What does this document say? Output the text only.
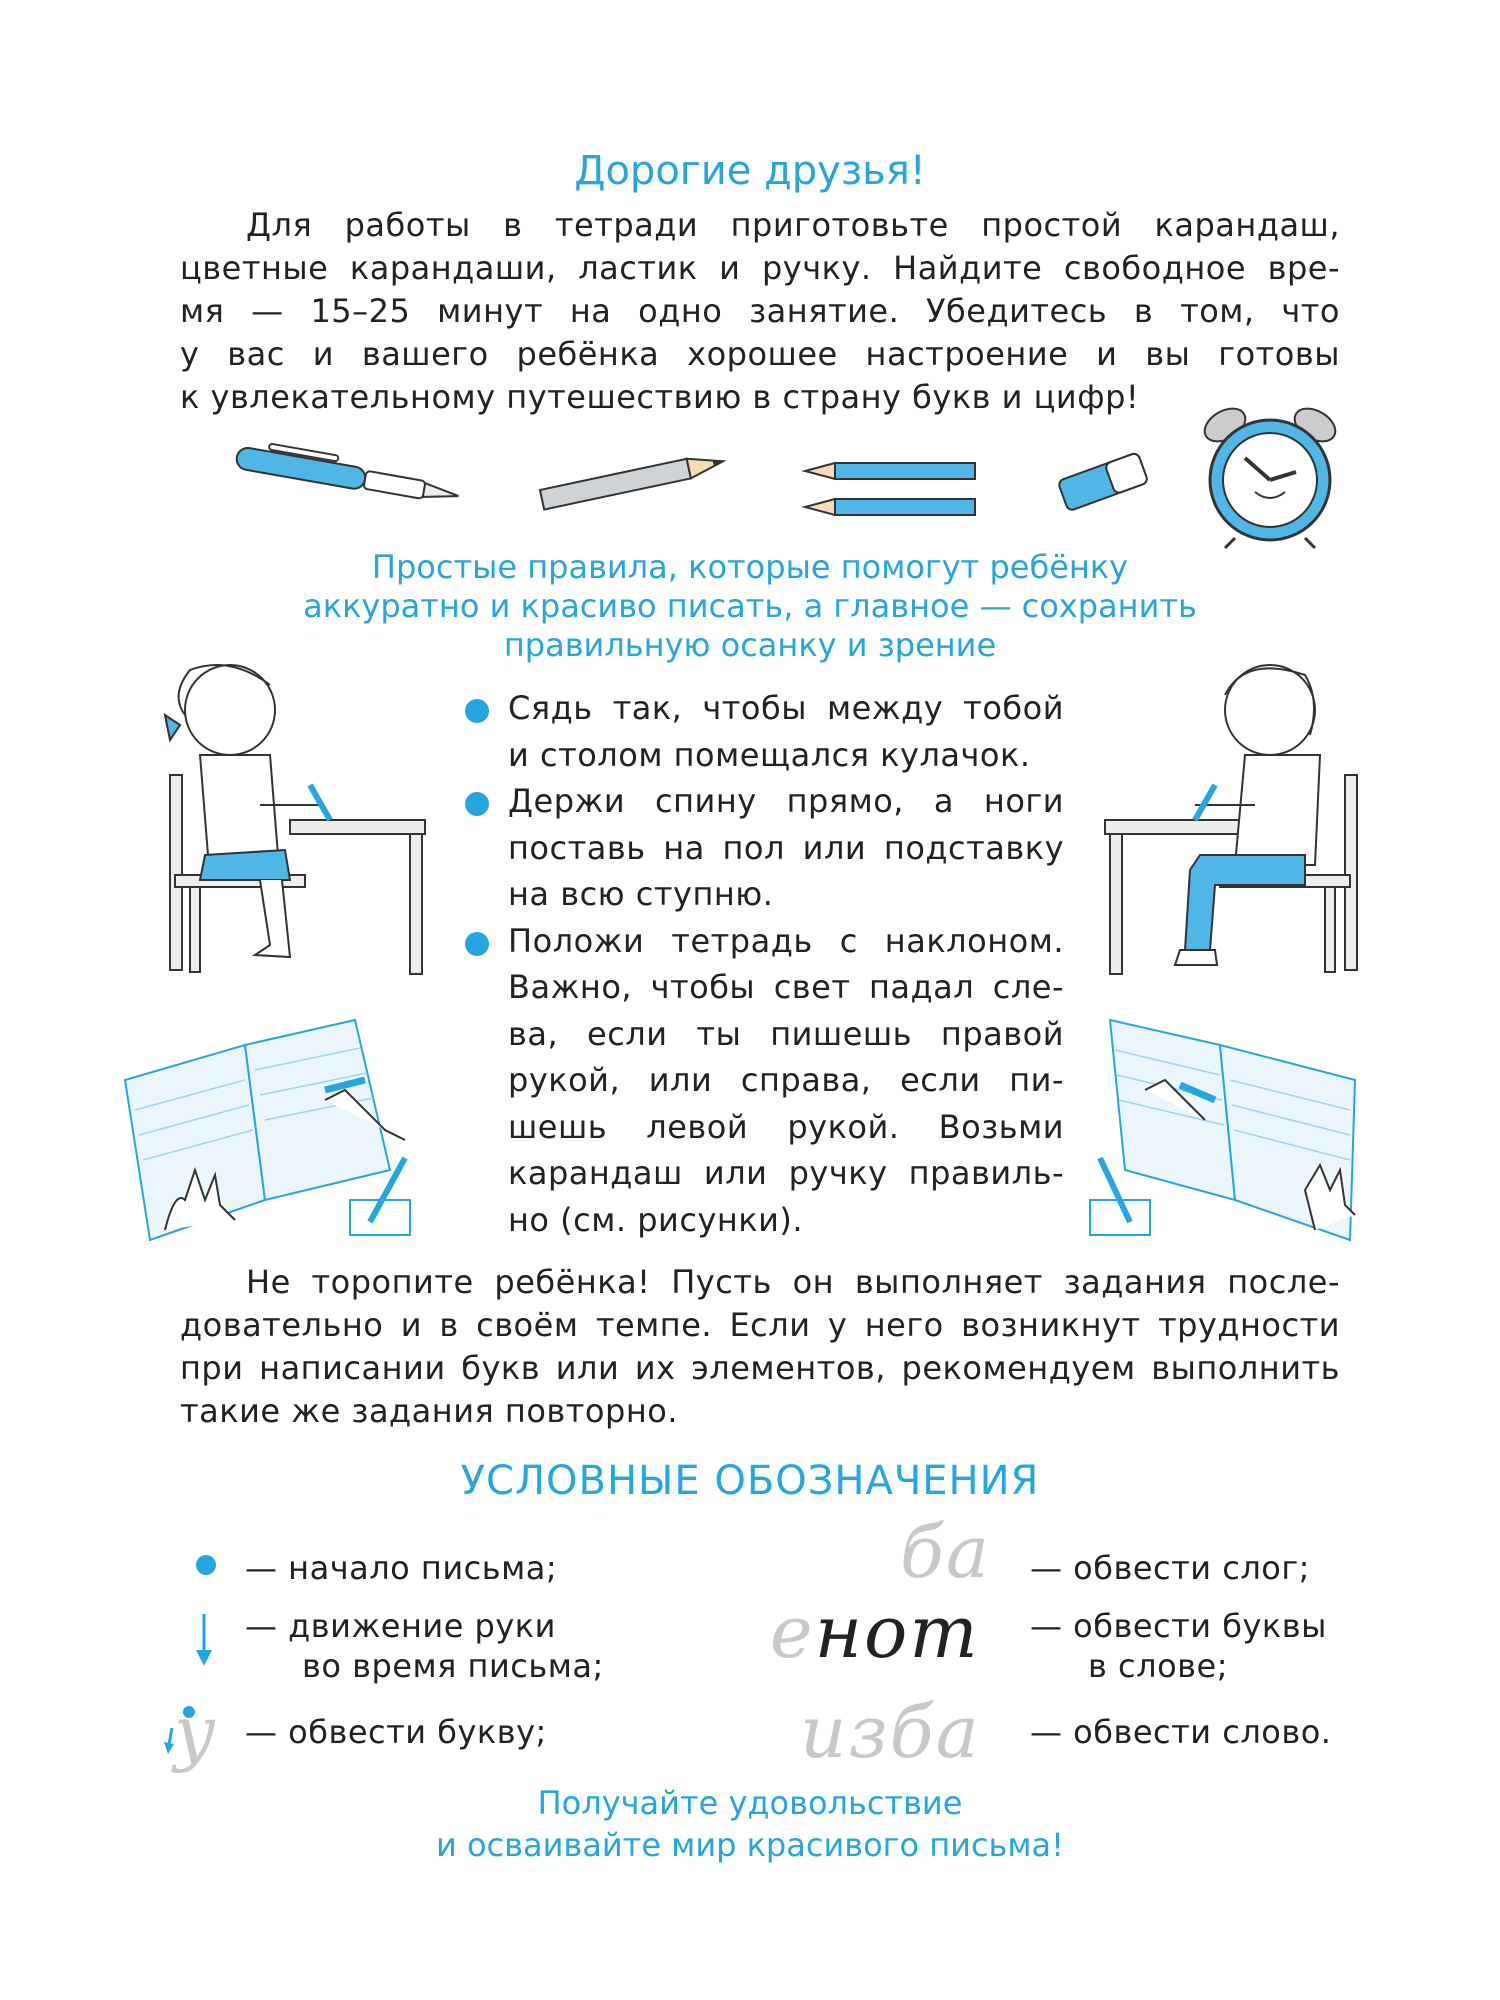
Дорогие друзья!
Для работы в тетради приготовьте простой карандаш,
цветные карандаши, ластик и ручку. Найдите свободное вре-
мя — 15–25 минут на одно занятие. Убедитесь в том, что
у вас и вашего ребёнка хорошее настроение и вы готовы
к увлекательному путешествию в страну букв и цифр!
Простые правила, которые помогут ребёнку
аккуратно и красиво писать, а главное — сохранить
правильную осанку и зрение
Сядь так, чтобы между тобой
и столом помещался кулачок.
Держи спину прямо, а ноги
поставь на пол или подставку
на всю ступню.
Положи тетрадь с наклоном.
Важно, чтобы свет падал сле-
ва, если ты пишешь правой
рукой, или справа, если пи-
шешь левой рукой. Возьми
карандаш или ручку правиль-
но (см. рисунки).
Не торопите ребёнка! Пусть он выполняет задания после-
довательно и в своём темпе. Если у него возникнут трудности
при написании букв или их элементов, рекомендуем выполнить
такие же задания повторно.
УСЛОВНЫЕ ОБОЗНАЧЕНИЯ
— начало письма;
— движение руки
во время письма;
у — обвести букву;
ба — обвести слог;
енот — обвести буквы
в слове;
изба — обвести слово.
Получайте удовольствие
и осваивайте мир красивого письма!
